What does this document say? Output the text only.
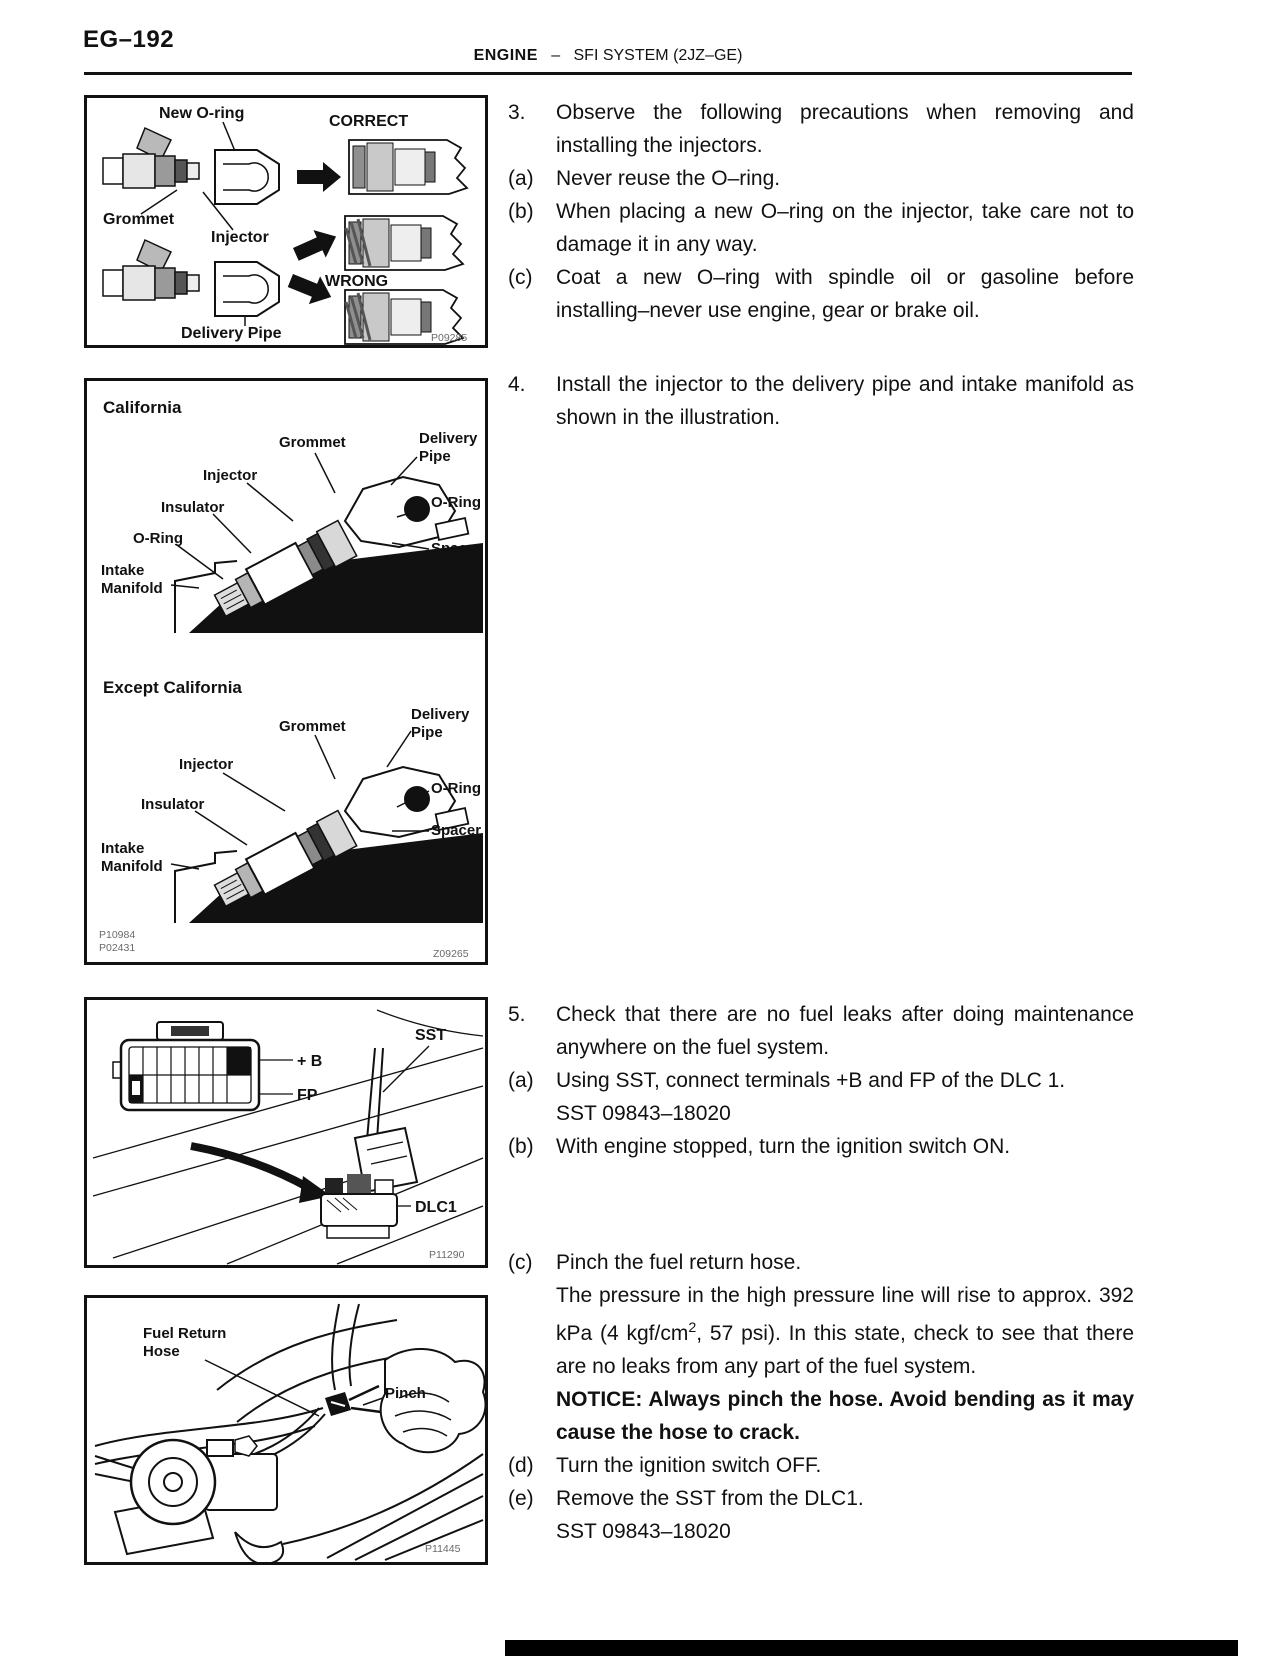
EG–192
ENGINE – SFI SYSTEM (2JZ–GE)
New O-ring	CORRECT
Grommet
Injector
WRONG
Delivery Pipe	P09285
California
Grommet	Delivery
Pipe
Injector
O-Ring
Insulator
O-Ring
Spacer
Intake
Manifold
Except California
Delivery
Pipe
Grommet
Injector
O-Ring
Insulator
Spacer
Intake
Manifold
P10984
P02431	Z09265
SST
+ B
FP
DLC1
P11290
Fuel Return
Hose
Pinch
P11445
3.	Observe the following precautions when removing and installing the injectors.
(a)	Never reuse the O–ring.
(b)	When placing a new O–ring on the injector, take care not to damage it in any way.
(c)	Coat a new O–ring with spindle oil or gasoline before installing–never use engine, gear or brake oil.
4.	Install the injector to the delivery pipe and intake manifold as shown in the illustration.
5.	Check that there are no fuel leaks after doing maintenance anywhere on the fuel system.
(a)	Using SST, connect terminals +B and FP of the DLC 1.

SST 09843–18020

(b)	With engine stopped, turn the ignition switch ON.
(c)	Pinch the fuel return hose.

The pressure in the high pressure line will rise to approx. 392 kPa (4 kgf/$cm^2$, 57 psi). In this state, check to see that there are no leaks from any part of the fuel system.

NOTICE: Always pinch the hose. Avoid bending as it may cause the hose to crack.

(d)	Turn the ignition switch OFF.
(e)	Remove the SST from the DLC1.

SST 09843–18020
